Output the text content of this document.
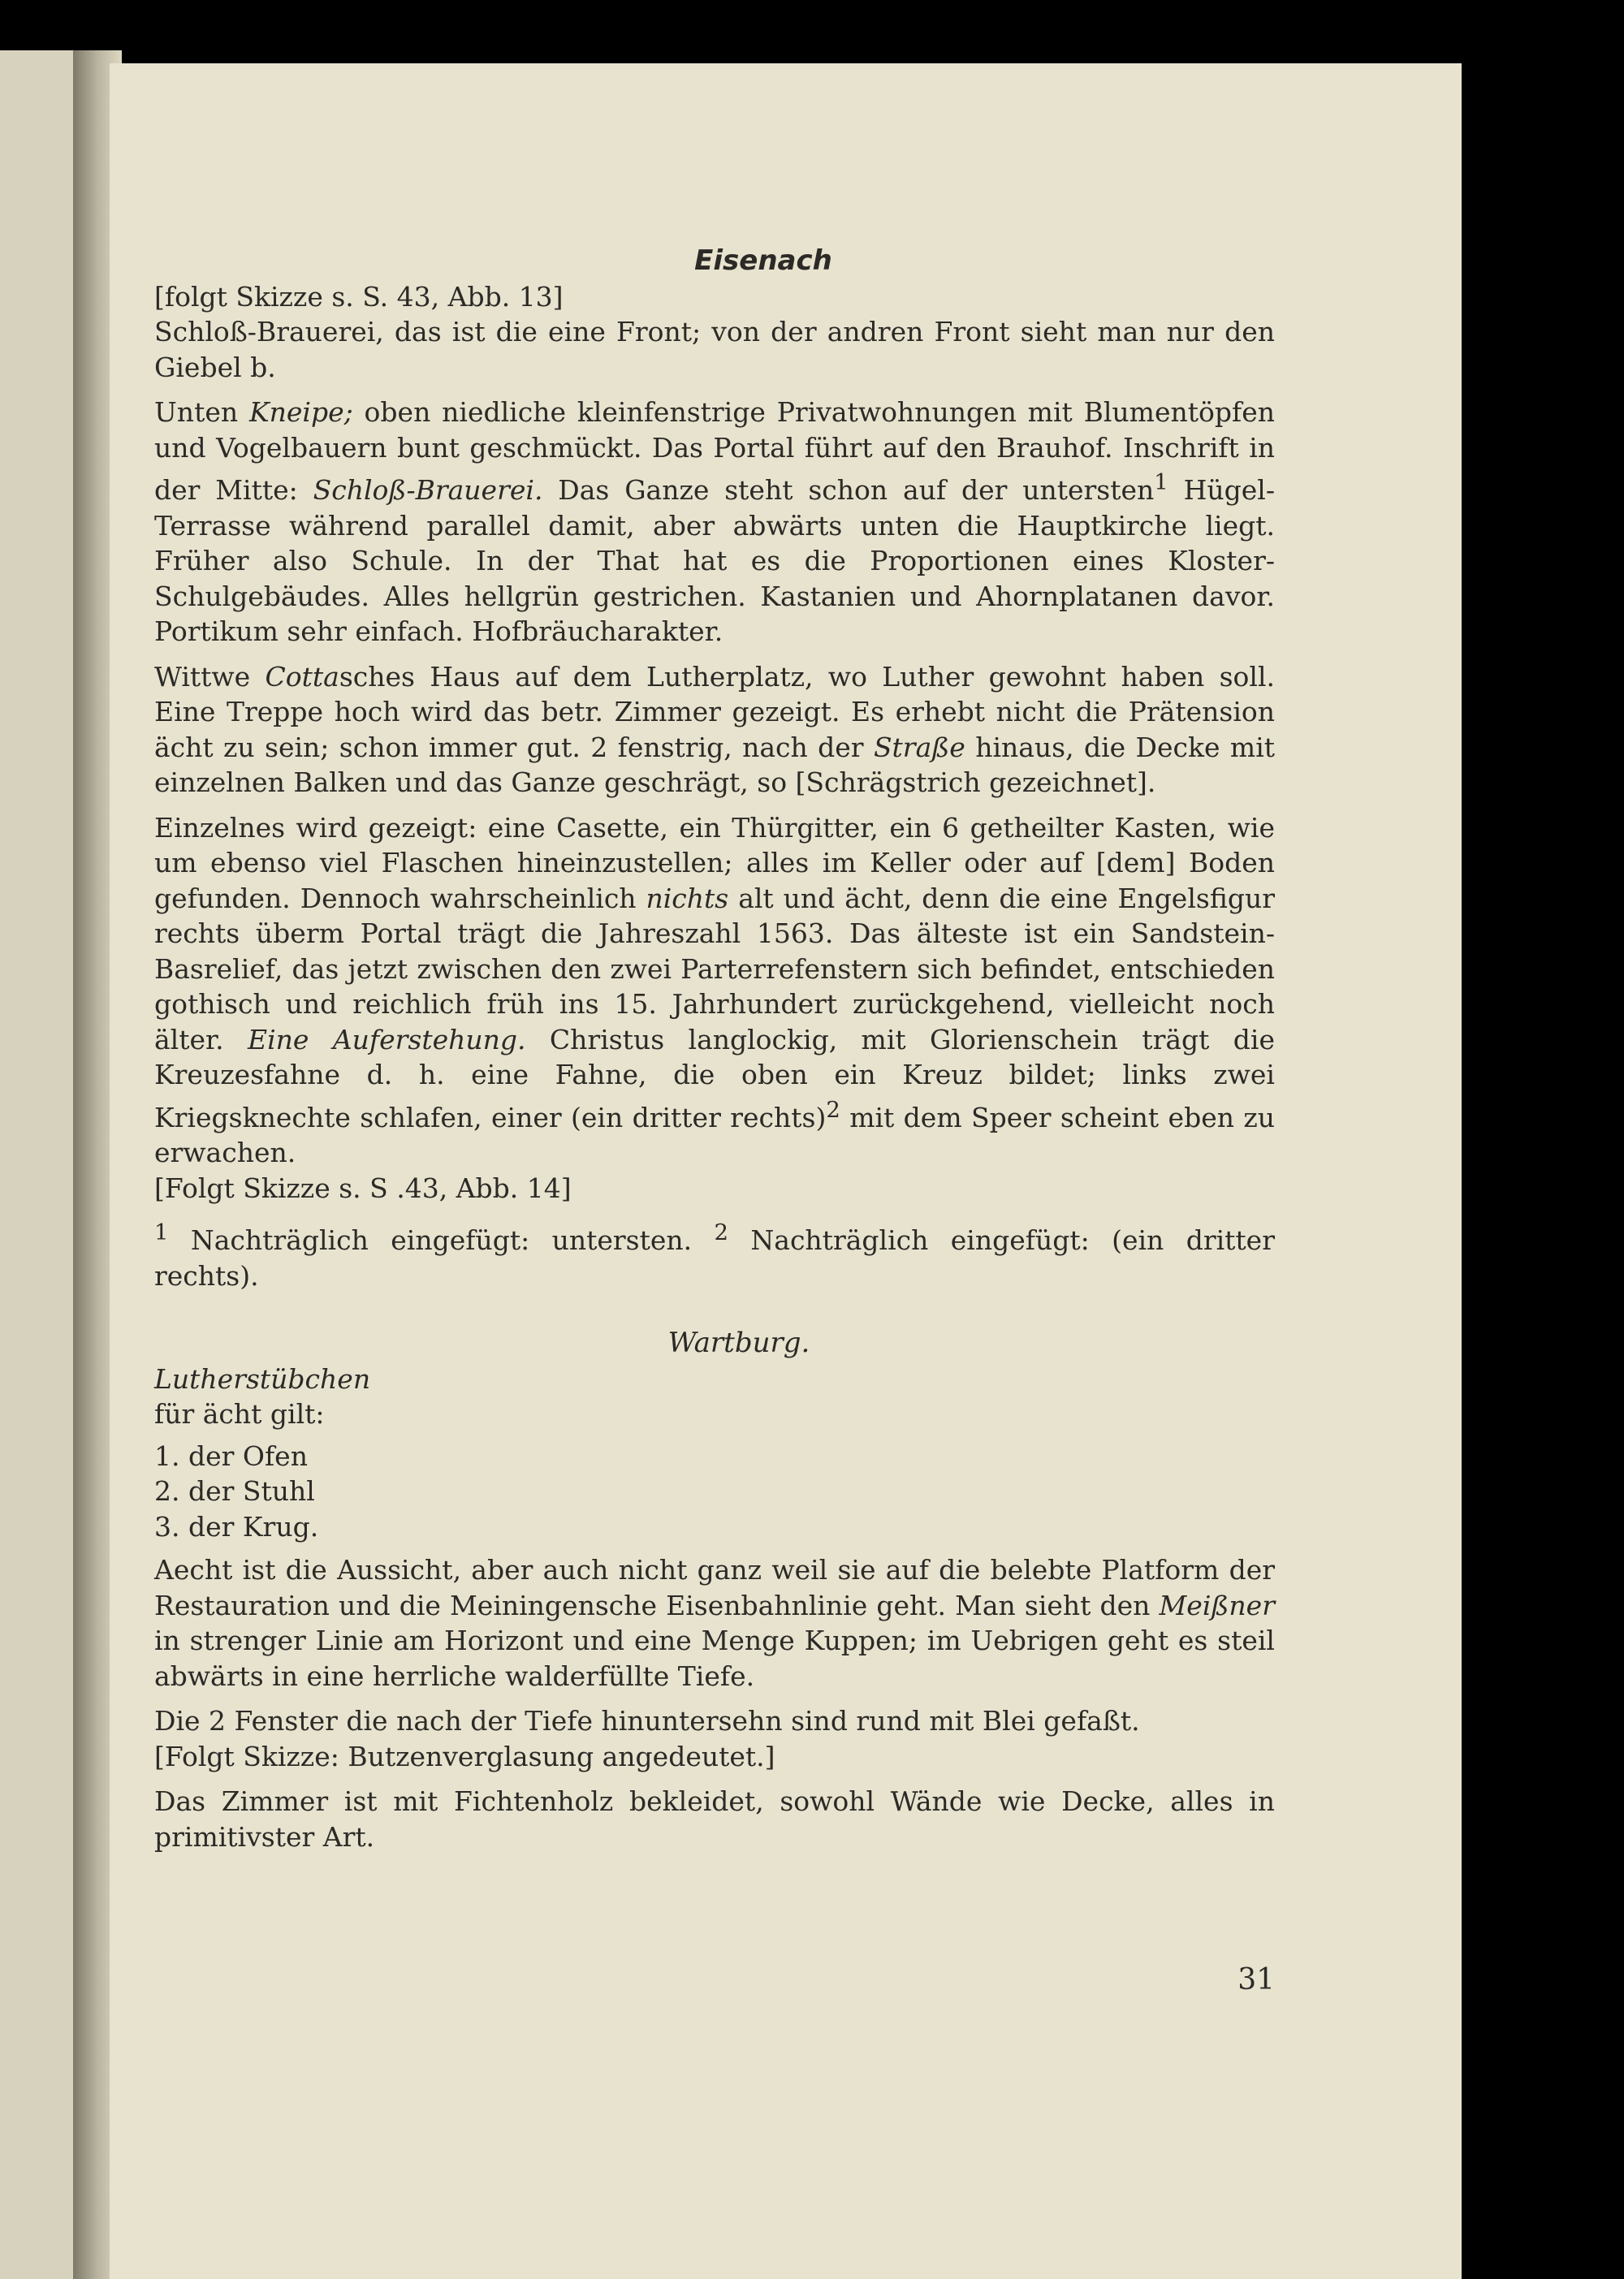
Eisenach

[folgt Skizze s. S. 43, Abb. 13]

Schloß-Brauerei, das ist die eine Front; von der andren Front sieht man nur den Giebel b.

Unten Kneipe; oben niedliche kleinfenstrige Privatwohnungen mit Blumentöpfen und Vogelbauern bunt geschmückt. Das Portal führt auf den Brauhof. Inschrift in der Mitte: Schloß-Brauerei. Das Ganze steht schon auf der untersten$^1$ Hügel-Terrasse während parallel damit, aber abwärts unten die Hauptkirche liegt. Früher also Schule. In der That hat es die Proportionen eines Kloster-Schulgebäudes. Alles hellgrün gestrichen. Kastanien und Ahornplatanen davor. Portikum sehr einfach. Hofbräucharakter.

Wittwe Cottasches Haus auf dem Lutherplatz, wo Luther gewohnt haben soll. Eine Treppe hoch wird das betr. Zimmer gezeigt. Es erhebt nicht die Prätension ächt zu sein; schon immer gut. 2 fenstrig, nach der Straße hinaus, die Decke mit einzelnen Balken und das Ganze geschrägt, so [Schrägstrich gezeichnet].

Einzelnes wird gezeigt: eine Casette, ein Thürgitter, ein 6 getheilter Kasten, wie um ebenso viel Flaschen hineinzustellen; alles im Keller oder auf [dem] Boden gefunden. Dennoch wahrscheinlich nichts alt und ächt, denn die eine Engelsfigur rechts überm Portal trägt die Jahreszahl 1563. Das älteste ist ein Sandstein-Basrelief, das jetzt zwischen den zwei Parterrefenstern sich befindet, entschieden gothisch und reichlich früh ins 15. Jahrhundert zurückgehend, vielleicht noch älter. Eine Auferstehung. Christus langlockig, mit Glorienschein trägt die Kreuzesfahne d. h. eine Fahne, die oben ein Kreuz bildet; links zwei Kriegsknechte schlafen, einer (ein dritter rechts)$^2$ mit dem Speer scheint eben zu erwachen.

[Folgt Skizze s. S .43, Abb. 14]

$^1$ Nachträglich eingefügt: untersten. $^2$ Nachträglich eingefügt: (ein dritter rechts).

Wartburg.

Lutherstübchen

für ächt gilt:

1. der Ofen
2. der Stuhl
3. der Krug.

Aecht ist die Aussicht, aber auch nicht ganz weil sie auf die belebte Platform der Restauration und die Meiningensche Eisenbahnlinie geht. Man sieht den Meißner in strenger Linie am Horizont und eine Menge Kuppen; im Uebrigen geht es steil abwärts in eine herrliche walderfüllte Tiefe.

Die 2 Fenster die nach der Tiefe hinuntersehn sind rund mit Blei gefaßt.

[Folgt Skizze: Butzenverglasung angedeutet.]

Das Zimmer ist mit Fichtenholz bekleidet, sowohl Wände wie Decke, alles in primitivster Art.

31
